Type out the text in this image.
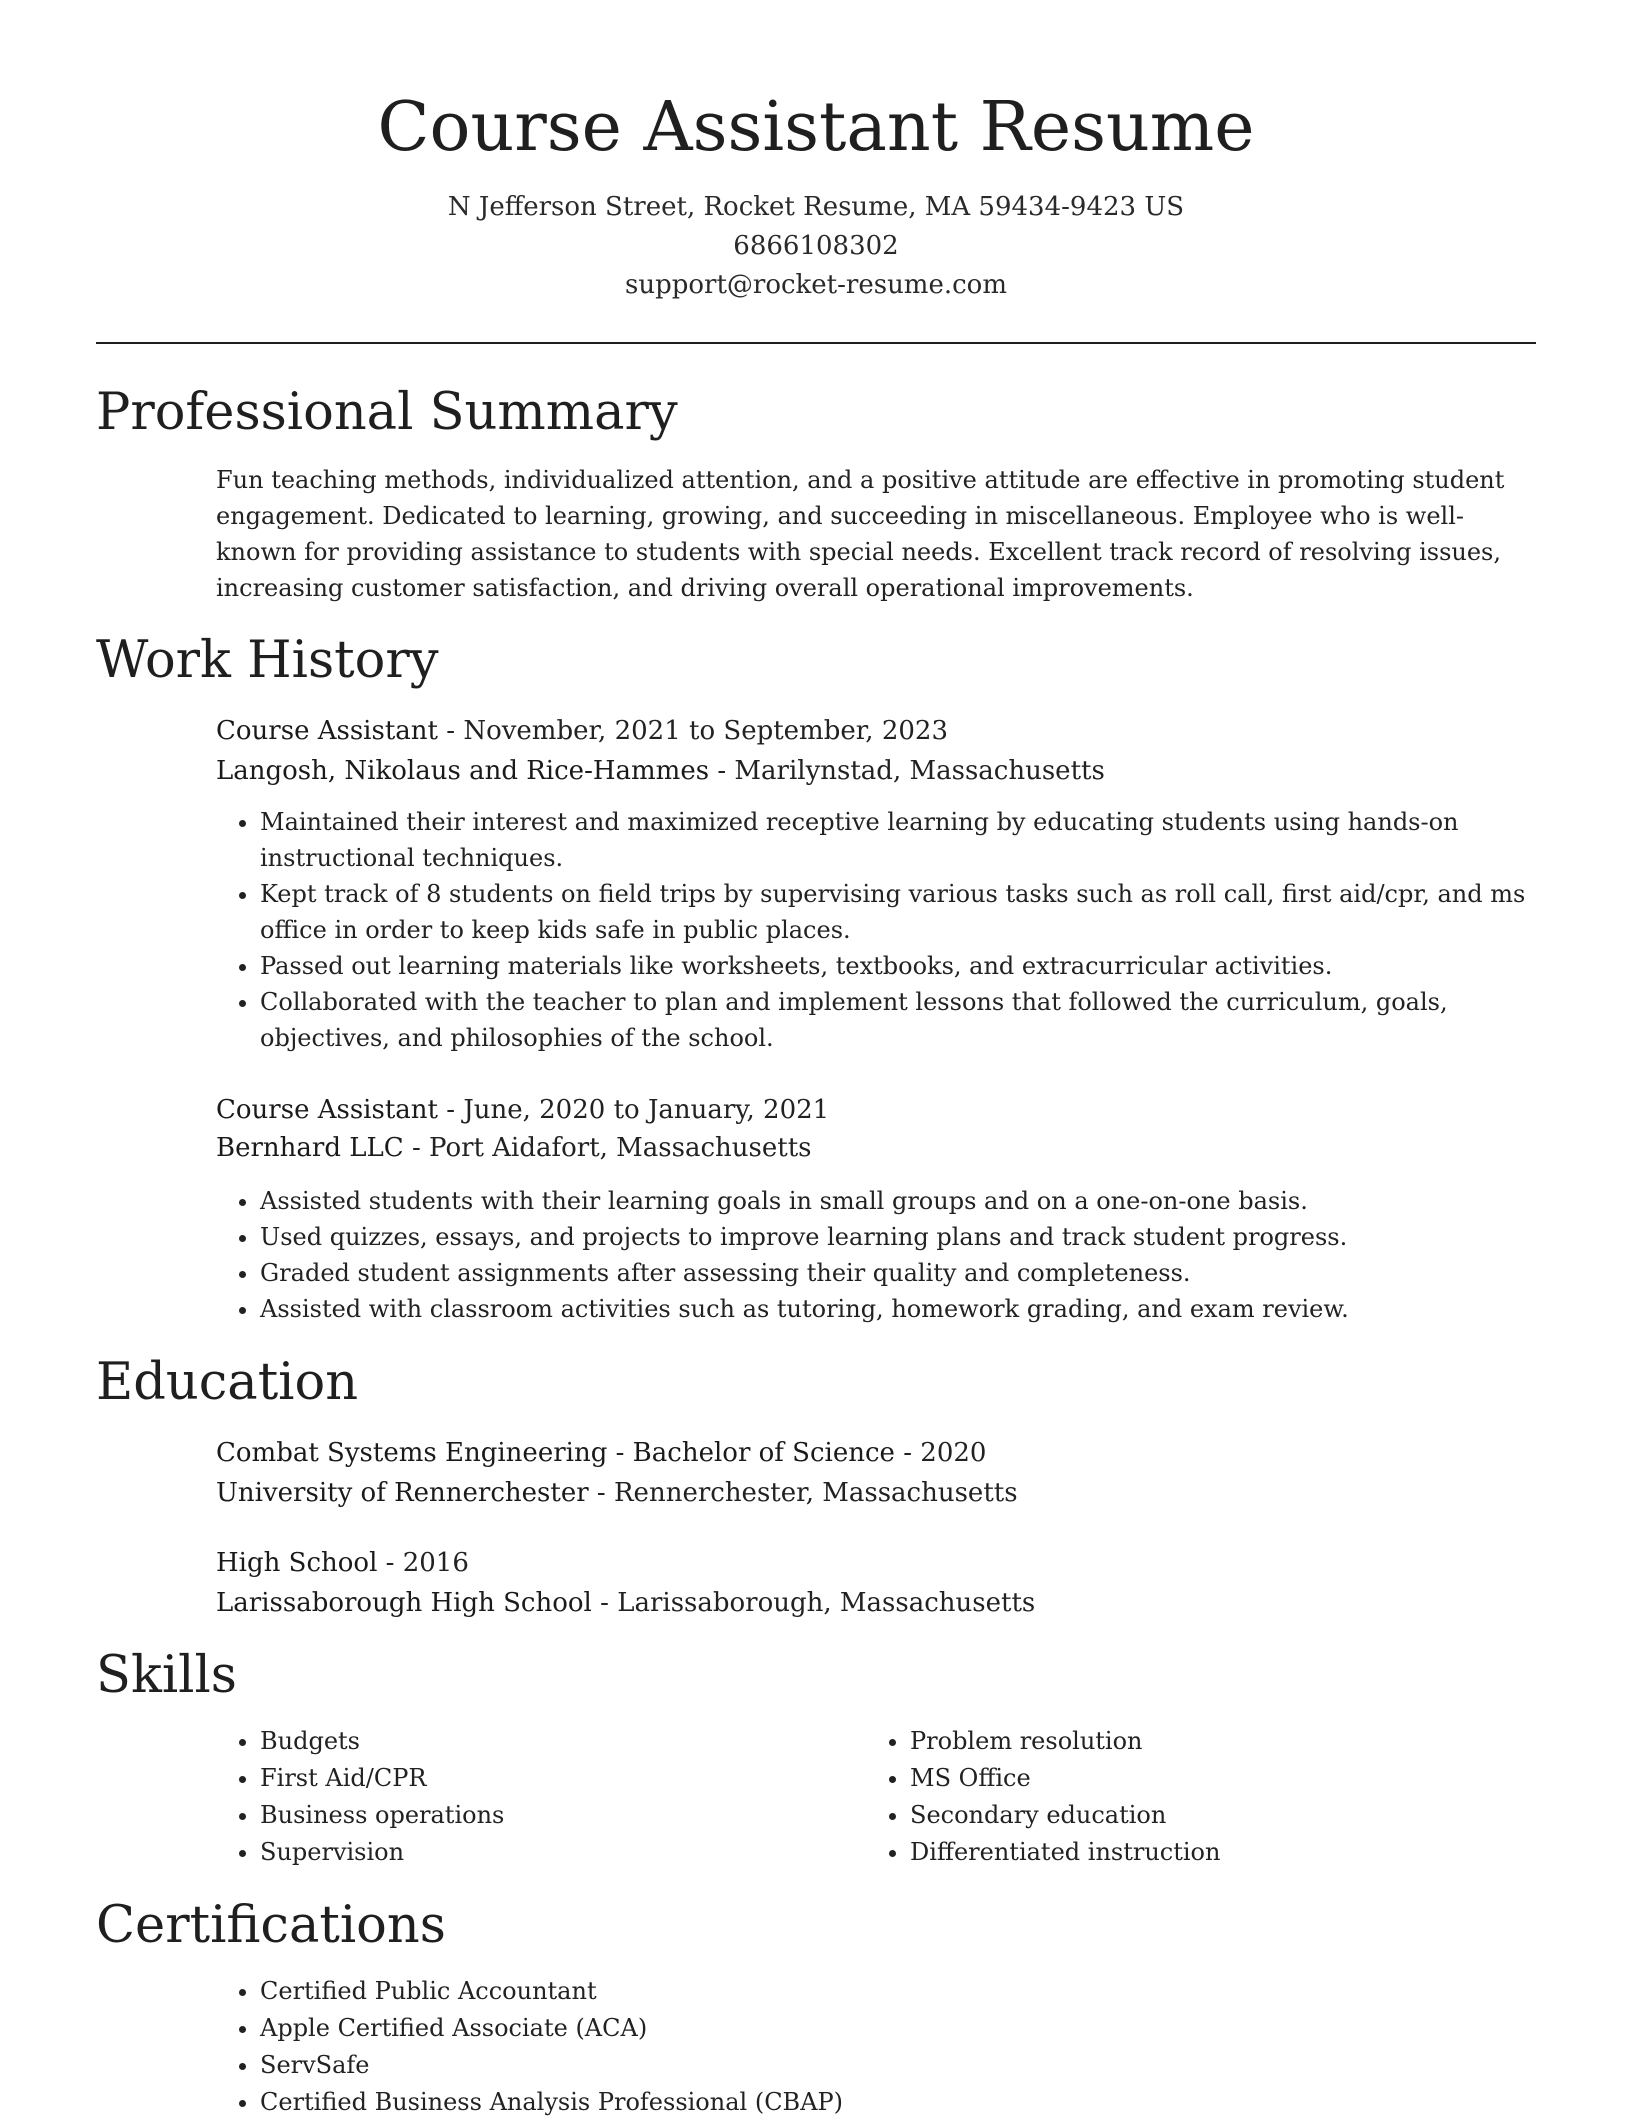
Course Assistant Resume
N Jefferson Street, Rocket Resume, MA 59434-9423 US
6866108302
support@rocket-resume.com
Professional Summary
Fun teaching methods, individualized attention, and a positive attitude are effective in promoting student engagement. Dedicated to learning, growing, and succeeding in miscellaneous. Employee who is well-known for providing assistance to students with special needs. Excellent track record of resolving issues, increasing customer satisfaction, and driving overall operational improvements.
Work History
Course Assistant - November, 2021 to September, 2023
Langosh, Nikolaus and Rice-Hammes - Marilynstad, Massachusetts
• Maintained their interest and maximized receptive learning by educating students using hands-on instructional techniques.
• Kept track of 8 students on field trips by supervising various tasks such as roll call, first aid/cpr, and ms office in order to keep kids safe in public places.
• Passed out learning materials like worksheets, textbooks, and extracurricular activities.
• Collaborated with the teacher to plan and implement lessons that followed the curriculum, goals, objectives, and philosophies of the school.
Course Assistant - June, 2020 to January, 2021
Bernhard LLC - Port Aidafort, Massachusetts
• Assisted students with their learning goals in small groups and on a one-on-one basis.
• Used quizzes, essays, and projects to improve learning plans and track student progress.
• Graded student assignments after assessing their quality and completeness.
• Assisted with classroom activities such as tutoring, homework grading, and exam review.
Education
Combat Systems Engineering - Bachelor of Science - 2020
University of Rennerchester - Rennerchester, Massachusetts
High School - 2016
Larissaborough High School - Larissaborough, Massachusetts
Skills
• Budgets
• First Aid/CPR
• Business operations
• Supervision
• Problem resolution
• MS Office
• Secondary education
• Differentiated instruction
Certifications
• Certified Public Accountant
• Apple Certified Associate (ACA)
• ServSafe
• Certified Business Analysis Professional (CBAP)
